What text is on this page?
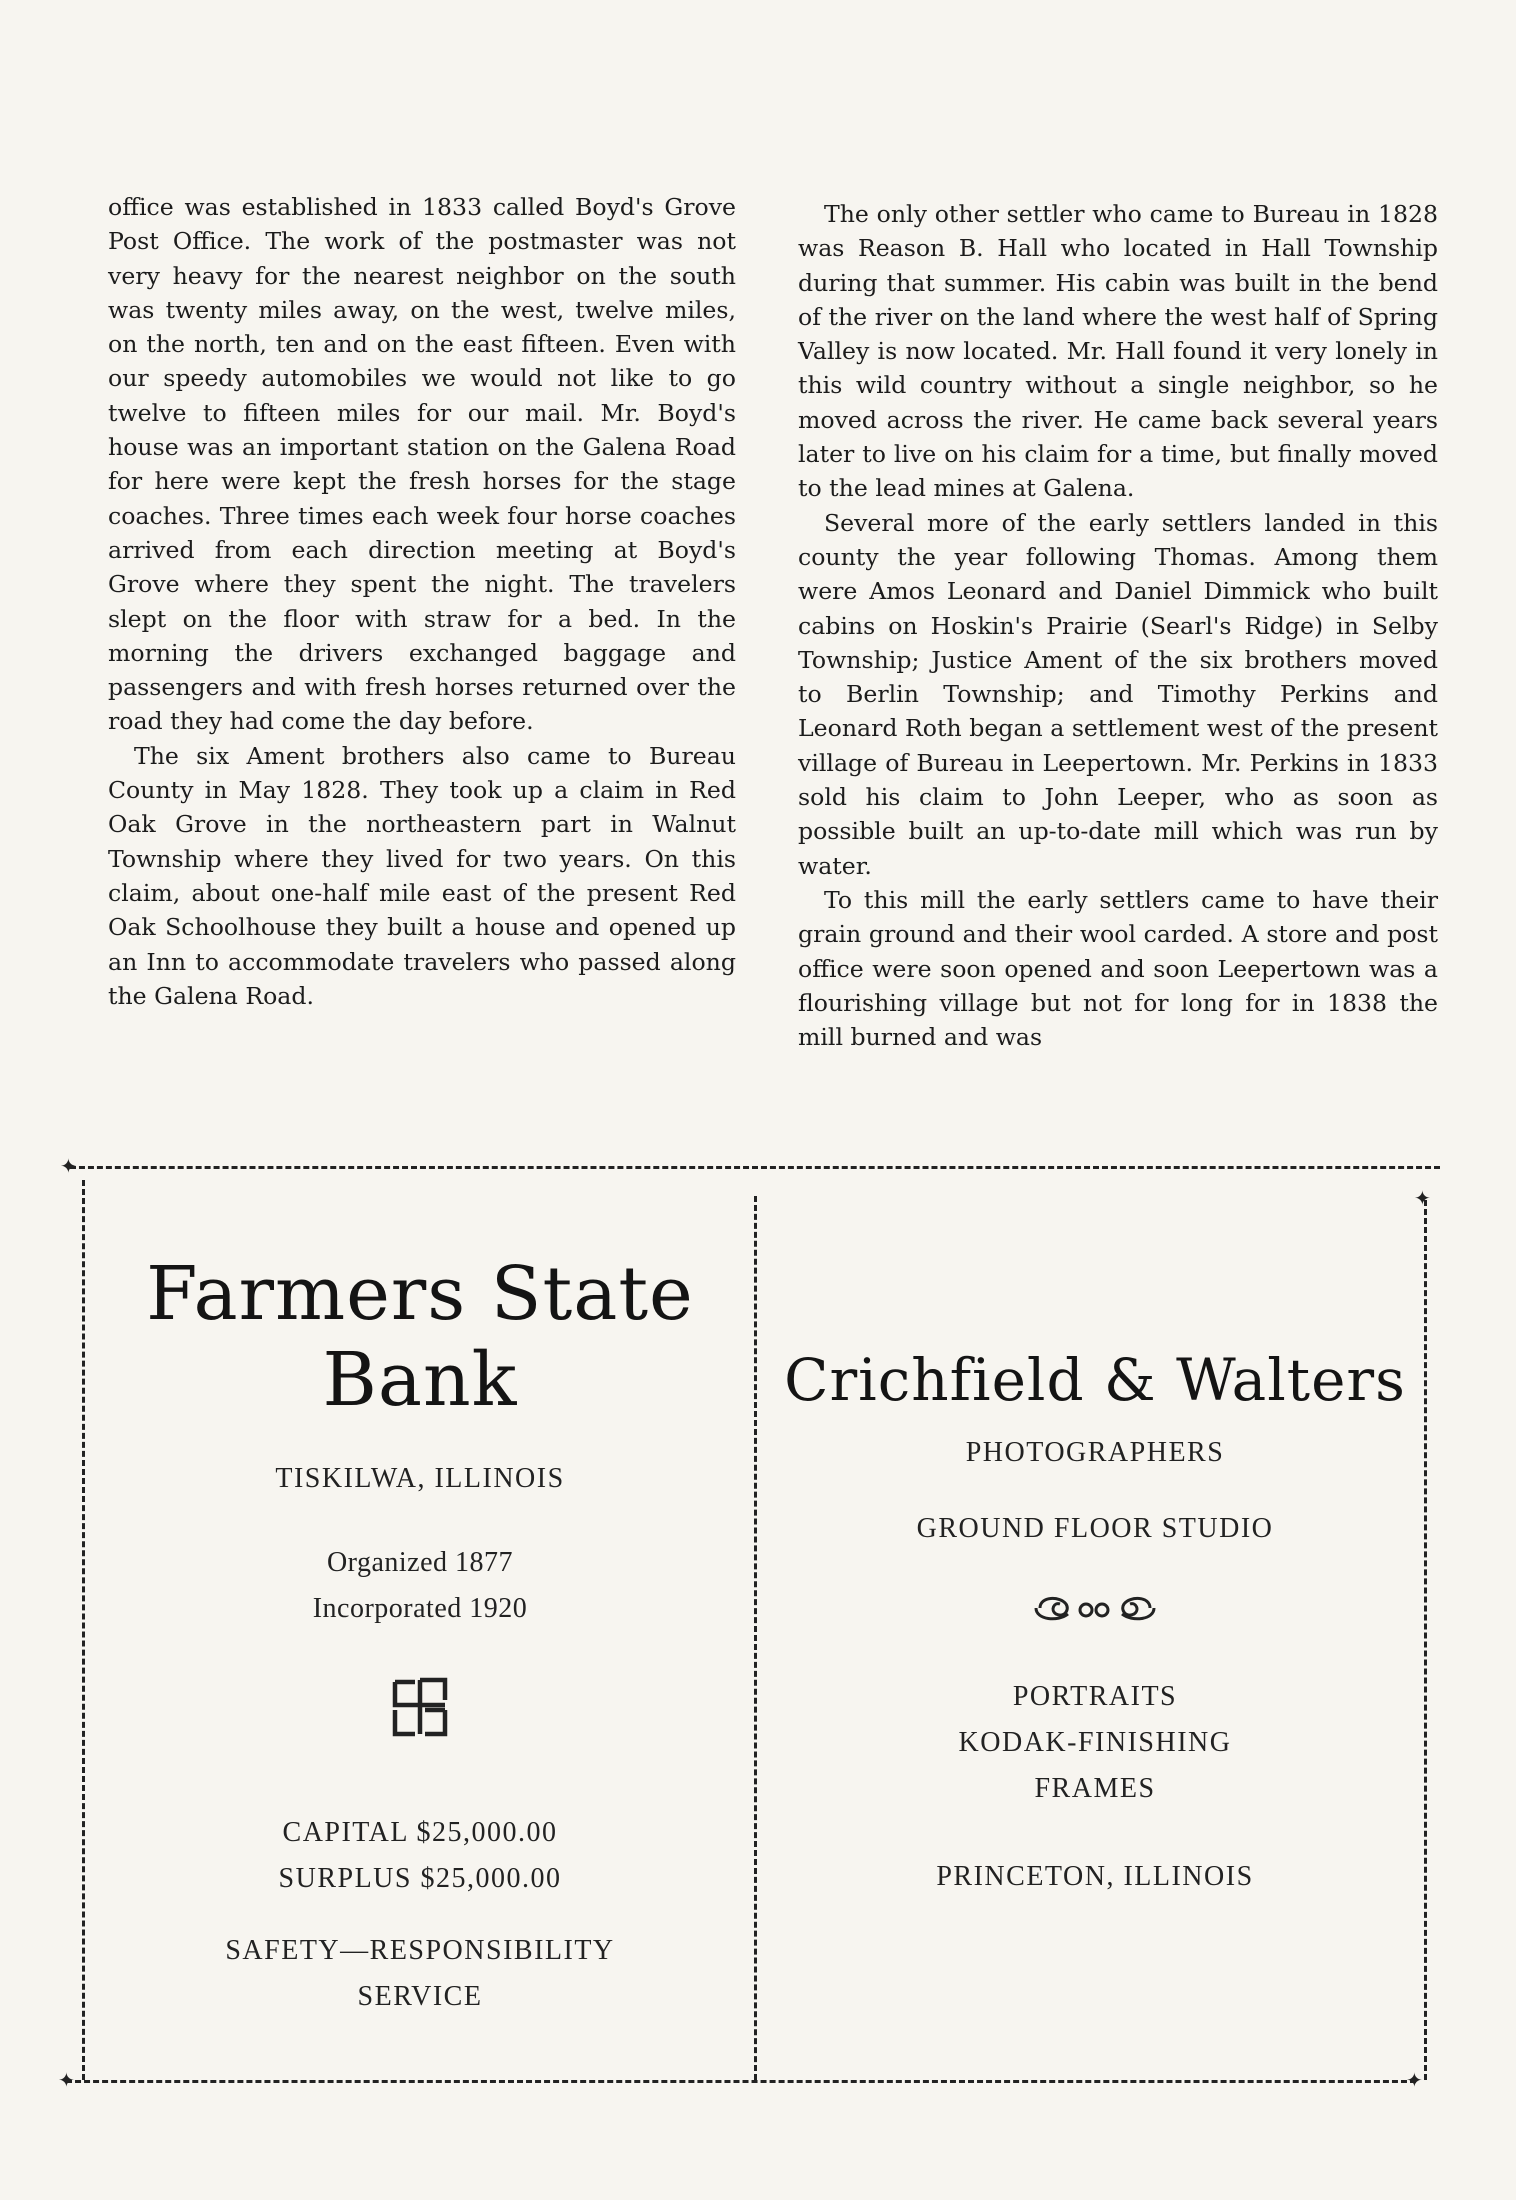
office was established in 1833 called Boyd's Grove Post Office. The work of the postmaster was not very heavy for the nearest neighbor on the south was twenty miles away, on the west, twelve miles, on the north, ten and on the east fifteen. Even with our speedy automobiles we would not like to go twelve to fifteen miles for our mail. Mr. Boyd's house was an important station on the Galena Road for here were kept the fresh horses for the stage coaches. Three times each week four horse coaches arrived from each direction meeting at Boyd's Grove where they spent the night. The travelers slept on the floor with straw for a bed. In the morning the drivers exchanged baggage and passengers and with fresh horses returned over the road they had come the day before.

The six Ament brothers also came to Bureau County in May 1828. They took up a claim in Red Oak Grove in the northeastern part in Walnut Township where they lived for two years. On this claim, about one-half mile east of the present Red Oak Schoolhouse they built a house and opened up an Inn to accommodate travelers who passed along the Galena Road.

The only other settler who came to Bureau in 1828 was Reason B. Hall who located in Hall Township during that summer. His cabin was built in the bend of the river on the land where the west half of Spring Valley is now located. Mr. Hall found it very lonely in this wild country without a single neighbor, so he moved across the river. He came back several years later to live on his claim for a time, but finally moved to the lead mines at Galena.

Several more of the early settlers landed in this county the year following Thomas. Among them were Amos Leonard and Daniel Dimmick who built cabins on Hoskin's Prairie (Searl's Ridge) in Selby Township; Justice Ament of the six brothers moved to Berlin Township; and Timothy Perkins and Leonard Roth began a settlement west of the present village of Bureau in Leepertown. Mr. Perkins in 1833 sold his claim to John Leeper, who as soon as possible built an up-to-date mill which was run by water.

To this mill the early settlers came to have their grain ground and their wool carded. A store and post office were soon opened and soon Leepertown was a flourishing village but not for long for in 1838 the mill burned and was

✦
✦
✦	✦
Farmers State
Bank
TISKILWA, ILLINOIS
Organized 1877
Incorporated 1920
CAPITAL $25,000.00
SURPLUS $25,000.00
SAFETY—RESPONSIBILITY
SERVICE
Crichfield & Walters
PHOTOGRAPHERS
GROUND FLOOR STUDIO
PORTRAITS
KODAK-FINISHING
FRAMES
PRINCETON, ILLINOIS
